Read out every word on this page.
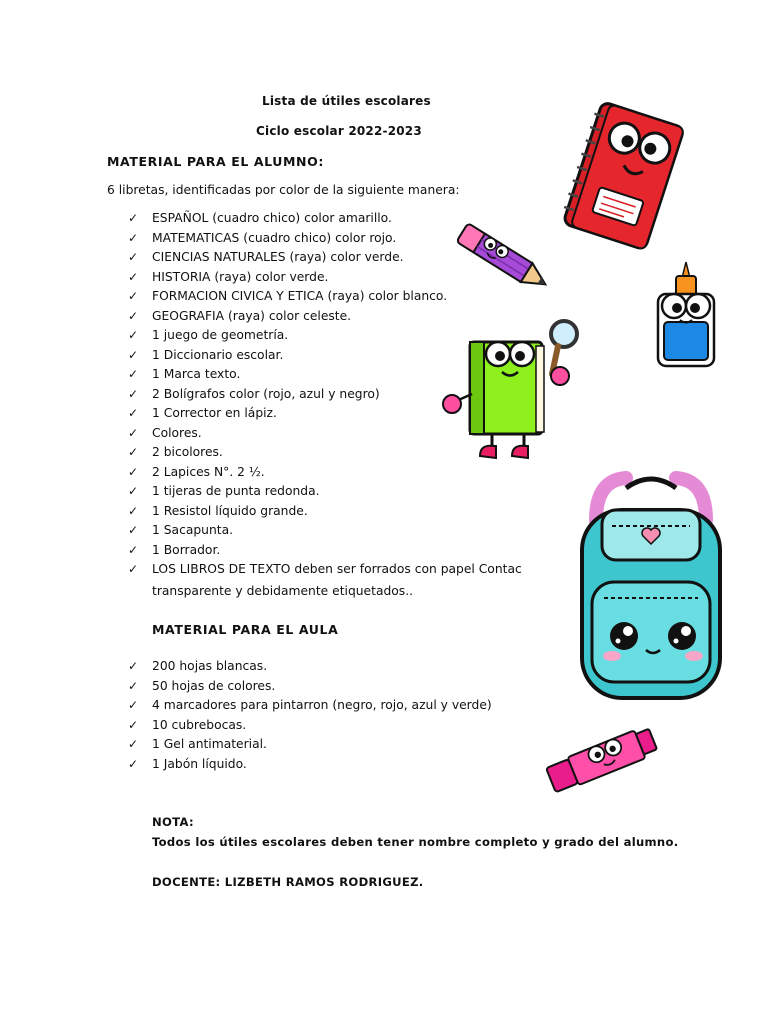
Lista de útiles escolares
Ciclo escolar 2022-2023
MATERIAL PARA EL ALUMNO:
6 libretas, identificadas por color de la siguiente manera:
✓ ESPAÑOL (cuadro chico) color amarillo.
✓ MATEMATICAS (cuadro chico) color rojo.
✓ CIENCIAS NATURALES (raya) color verde.
✓ HISTORIA (raya) color verde.
✓ FORMACION CIVICA Y ETICA (raya) color blanco.
✓ GEOGRAFIA (raya) color celeste.
✓ 1 juego de geometría.
✓ 1 Diccionario escolar.
✓ 1 Marca texto.
✓ 2 Bolígrafos color (rojo, azul y negro)
✓ 1 Corrector en lápiz.
✓ Colores.
✓ 2 bicolores.
✓ 2 Lapices N°. 2 ½.
✓ 1 tijeras de punta redonda.
✓ 1 Resistol líquido grande.
✓ 1 Sacapunta.
✓ 1 Borrador.
✓ LOS LIBROS DE TEXTO deben ser forrados con papel Contac
transparente y debidamente etiquetados..
MATERIAL PARA EL AULA
✓ 200 hojas blancas.
✓ 50 hojas de colores.
✓ 4 marcadores para pintarron (negro, rojo, azul y verde)
✓ 10 cubrebocas.
✓ 1 Gel antimaterial.
✓ 1 Jabón líquido.
NOTA:
Todos los útiles escolares deben tener nombre completo y grado del alumno.
DOCENTE: LIZBETH RAMOS RODRIGUEZ.
